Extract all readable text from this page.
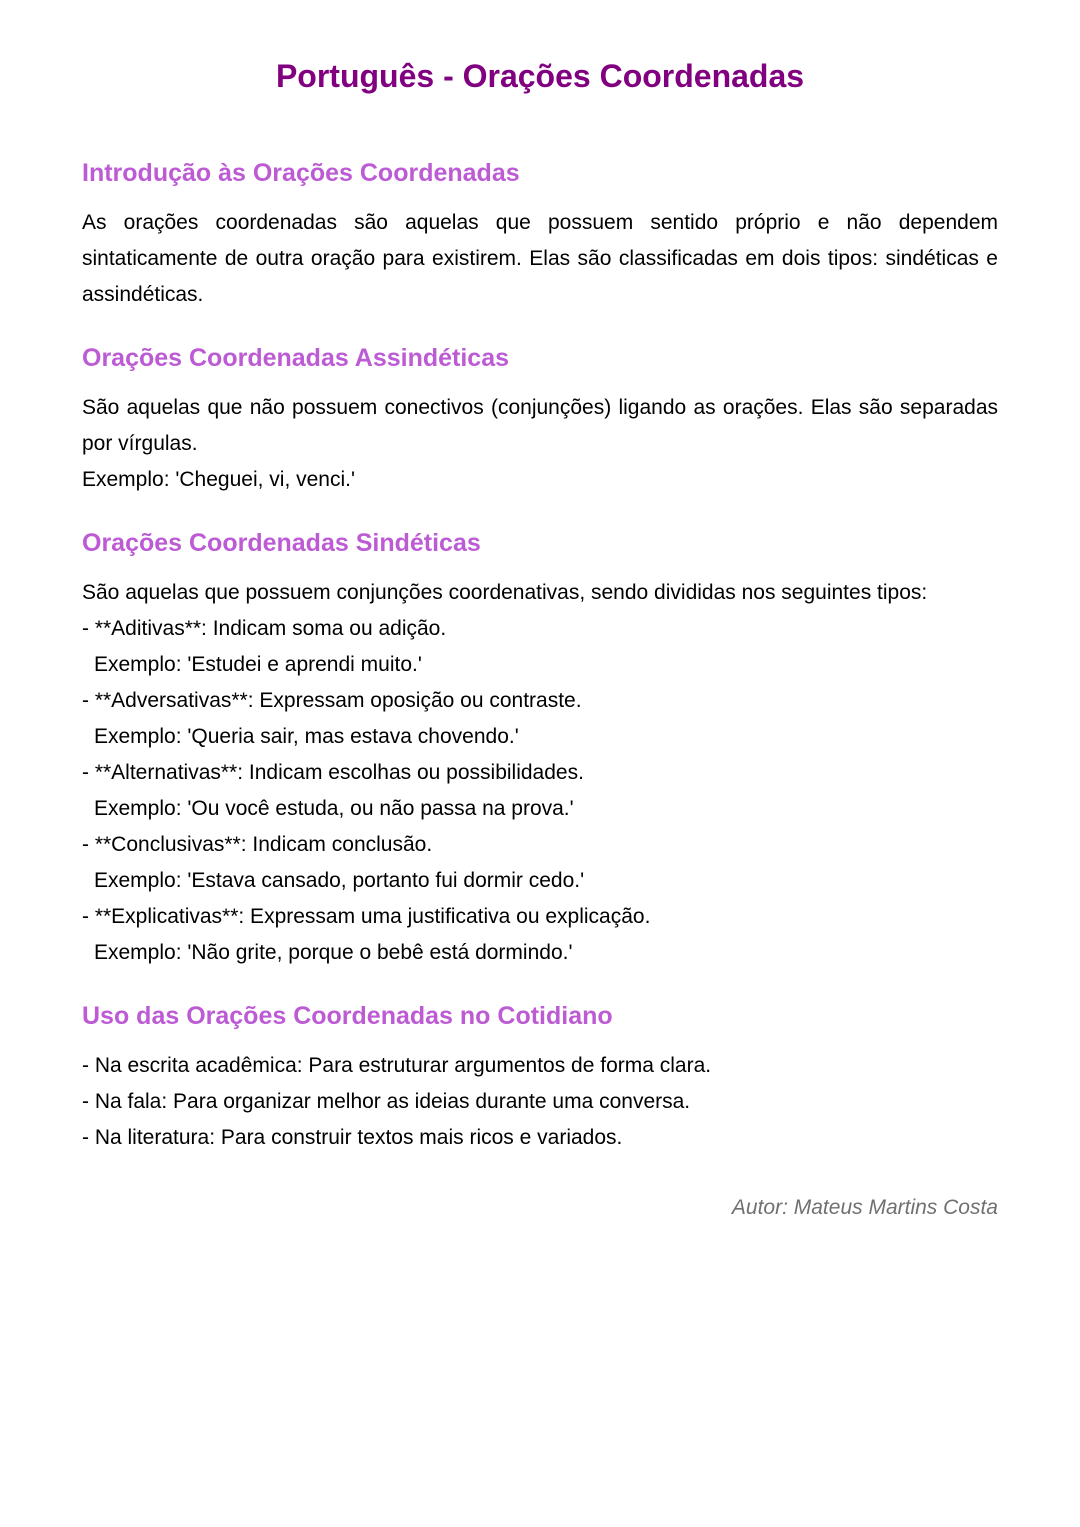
Português - Orações Coordenadas
Introdução às Orações Coordenadas

As orações coordenadas são aquelas que possuem sentido próprio e não dependem sintaticamente de outra oração para existirem. Elas são classificadas em dois tipos: sindéticas e assindéticas.

Orações Coordenadas Assindéticas

São aquelas que não possuem conectivos (conjunções) ligando as orações. Elas são separadas por vírgulas.

Exemplo: 'Cheguei, vi, venci.'

Orações Coordenadas Sindéticas
São aquelas que possuem conjunções coordenativas, sendo divididas nos seguintes tipos:
- **Aditivas**: Indicam soma ou adição.
Exemplo: 'Estudei e aprendi muito.'
- **Adversativas**: Expressam oposição ou contraste.
Exemplo: 'Queria sair, mas estava chovendo.'
- **Alternativas**: Indicam escolhas ou possibilidades.
Exemplo: 'Ou você estuda, ou não passa na prova.'
- **Conclusivas**: Indicam conclusão.
Exemplo: 'Estava cansado, portanto fui dormir cedo.'
- **Explicativas**: Expressam uma justificativa ou explicação.
Exemplo: 'Não grite, porque o bebê está dormindo.'
Uso das Orações Coordenadas no Cotidiano
- Na escrita acadêmica: Para estruturar argumentos de forma clara.
- Na fala: Para organizar melhor as ideias durante uma conversa.
- Na literatura: Para construir textos mais ricos e variados.

Autor: Mateus Martins Costa
